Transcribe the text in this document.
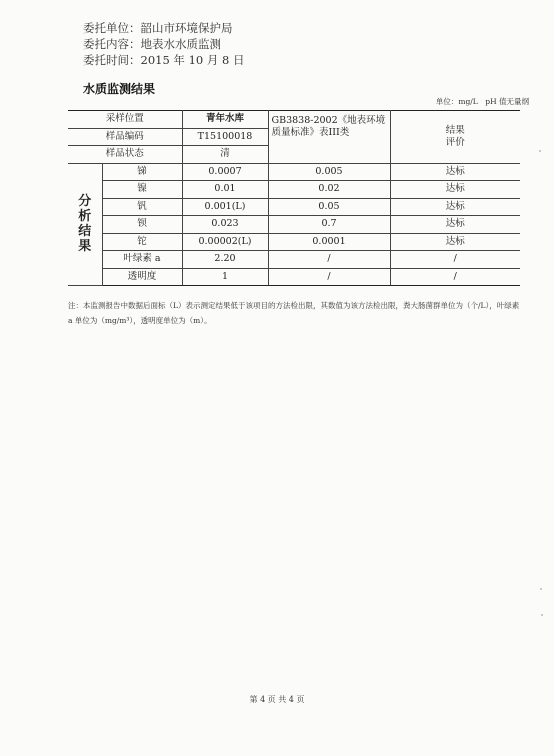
委托单位：韶山市环境保护局
委托内容：地表水水质监测
委托时间：2015 年 10 月 8 日
水质监测结果
单位：mg/L　pH 值无量纲
采样位置		青年水库	GB3838-2002《地表环境质量标准》表III类	结果
评价

样品编码		T15100018		
样品状态		清		

分
析
结
果	锑	0.0007	0.005	达标
	镍	0.01	0.02	达标
	钒	0.001(L)	0.05	达标
	钡	0.023	0.7	达标
	铊	0.00002(L)	0.0001	达标
	叶绿素 a	2.20	/	/
	透明度	1	/	/
注：本监测报告中数据后面标（L）表示测定结果低于该项目的方法检出限，其数值为该方法检出限，粪大肠菌群单位为（个/L），叶绿素 a 单位为（mg/m³），透明度单位为（m）。
第 4 页 共 4 页
